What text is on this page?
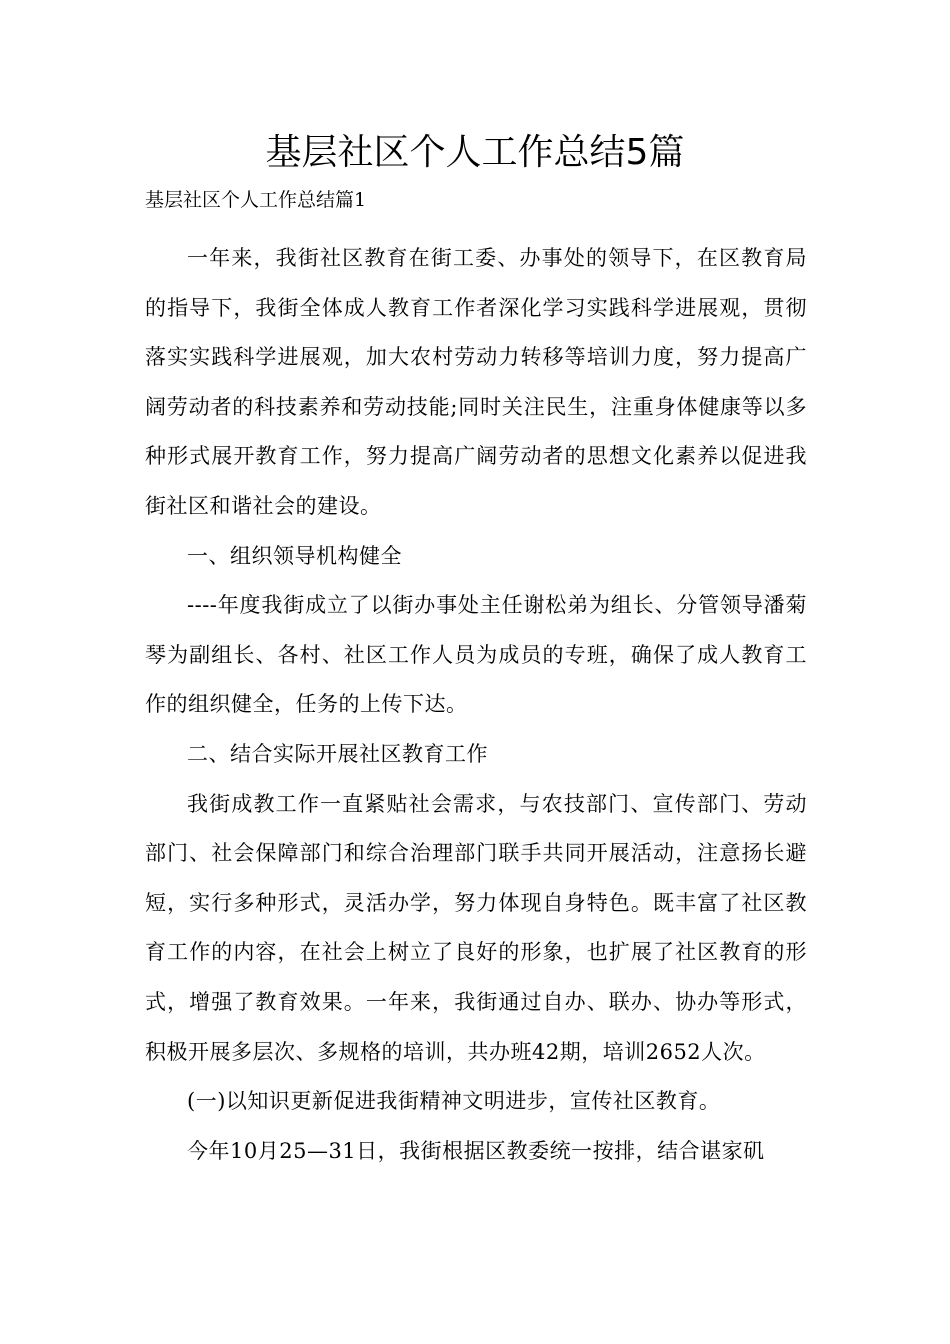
基层社区个人工作总结5篇

基层社区个人工作总结篇1

一年来，我街社区教育在街工委、办事处的领导下，在区教育局的指导下，我街全体成人教育工作者深化学习实践科学进展观，贯彻落实实践科学进展观，加大农村劳动力转移等培训力度，努力提高广阔劳动者的科技素养和劳动技能;同时关注民生，注重身体健康等以多种形式展开教育工作，努力提高广阔劳动者的思想文化素养以促进我街社区和谐社会的建设。

一、组织领导机构健全

----年度我街成立了以街办事处主任谢松弟为组长、分管领导潘菊琴为副组长、各村、社区工作人员为成员的专班，确保了成人教育工作的组织健全，任务的上传下达。

二、结合实际开展社区教育工作

我街成教工作一直紧贴社会需求，与农技部门、宣传部门、劳动部门、社会保障部门和综合治理部门联手共同开展活动，注意扬长避短，实行多种形式，灵活办学，努力体现自身特色。既丰富了社区教育工作的内容，在社会上树立了良好的形象，也扩展了社区教育的形式，增强了教育效果。一年来，我街通过自办、联办、协办等形式，积极开展多层次、多规格的培训，共办班42期，培训2652人次。

(一)以知识更新促进我街精神文明进步，宣传社区教育。

今年10月25—31日，我街根据区教委统一按排，结合谌家矶
